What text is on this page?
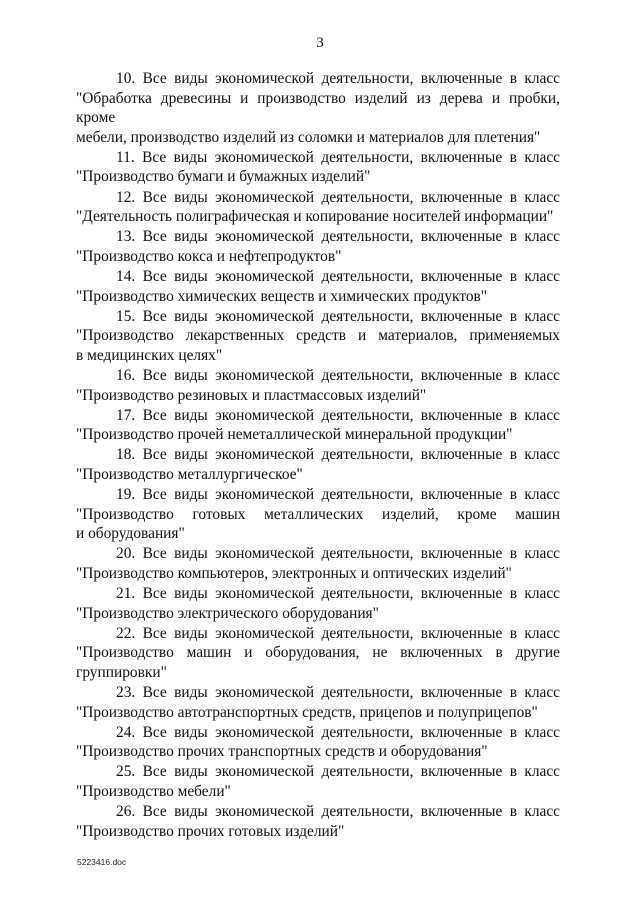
3

10. Все виды экономической деятельности, включенные в класс
"Обработка древесины и производство изделий из дерева и пробки, кроме
мебели, производство изделий из соломки и материалов для плетения"

11. Все виды экономической деятельности, включенные в класс
"Производство бумаги и бумажных изделий"

12. Все виды экономической деятельности, включенные в класс
"Деятельность полиграфическая и копирование носителей информации"

13. Все виды экономической деятельности, включенные в класс
"Производство кокса и нефтепродуктов"

14. Все виды экономической деятельности, включенные в класс
"Производство химических веществ и химических продуктов"

15. Все виды экономической деятельности, включенные в класс
"Производство лекарственных средств и материалов, применяемых
в медицинских целях"

16. Все виды экономической деятельности, включенные в класс
"Производство резиновых и пластмассовых изделий"

17. Все виды экономической деятельности, включенные в класс
"Производство прочей неметаллической минеральной продукции"

18. Все виды экономической деятельности, включенные в класс
"Производство металлургическое"

19. Все виды экономической деятельности, включенные в класс
"Производство готовых металлических изделий, кроме машин
и оборудования"

20. Все виды экономической деятельности, включенные в класс
"Производство компьютеров, электронных и оптических изделий"

21. Все виды экономической деятельности, включенные в класс
"Производство электрического оборудования"

22. Все виды экономической деятельности, включенные в класс
"Производство машин и оборудования, не включенных в другие
группировки"

23. Все виды экономической деятельности, включенные в класс
"Производство автотранспортных средств, прицепов и полуприцепов"

24. Все виды экономической деятельности, включенные в класс
"Производство прочих транспортных средств и оборудования"

25. Все виды экономической деятельности, включенные в класс
"Производство мебели"

26. Все виды экономической деятельности, включенные в класс
"Производство прочих готовых изделий"

5223416.doc
